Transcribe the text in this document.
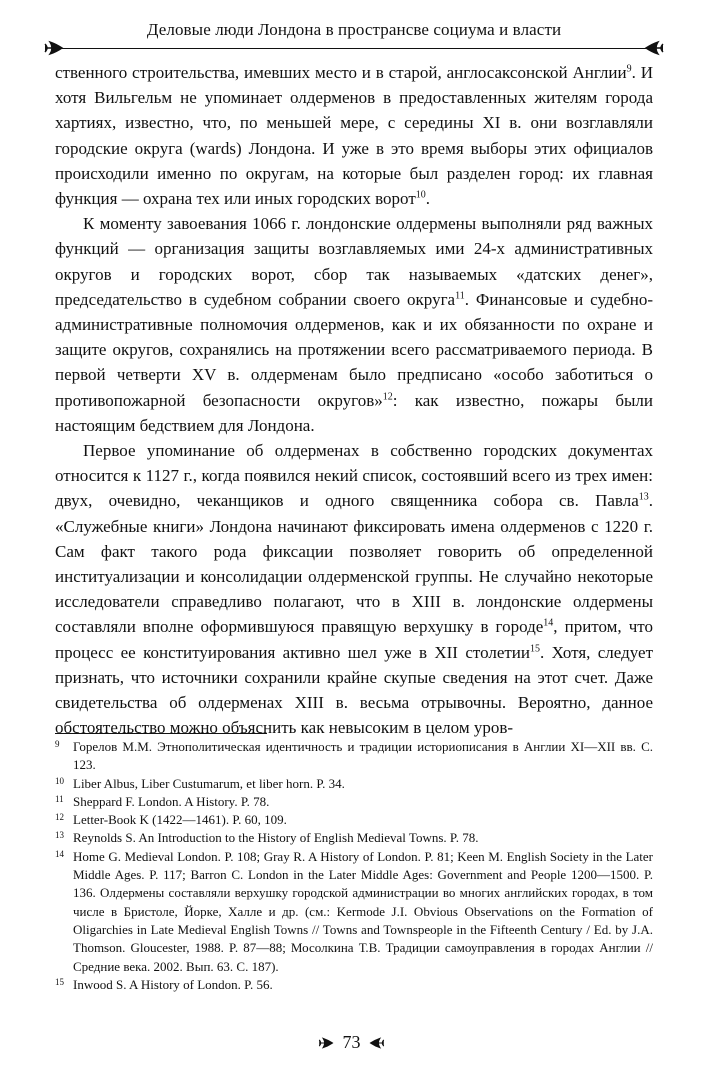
Деловые люди Лондона в пространсве социума и власти

ственного строительства, имевших место и в старой, англосаксонской Англии$^9$. И хотя Вильгельм не упоминает олдерменов в предоставленных жителям города хартиях, известно, что, по меньшей мере, с середины XI в. они возглавляли городские округа (wards) Лондона. И уже в это время выборы этих официалов происходили именно по округам, на которые был разделен город: их главная функция — охрана тех или иных городских ворот$^{10}$.

К моменту завоевания 1066 г. лондонские олдермены выполняли ряд важных функций — организация защиты возглавляемых ими 24-х административных округов и городских ворот, сбор так называемых «датских денег», председательство в судебном собрании своего округа$^{11}$. Финансовые и судебно-административные полномочия олдерменов, как и их обязанности по охране и защите округов, сохранялись на протяжении всего рассматриваемого периода. В первой четверти XV в. олдерменам было предписано «особо заботиться о противопожарной безопасности округов»$^{12}$: как известно, пожары были настоящим бедствием для Лондона.

Первое упоминание об олдерменах в собственно городских документах относится к 1127 г., когда появился некий список, состоявший всего из трех имен: двух, очевидно, чеканщиков и одного священника собора св. Павла$^{13}$. «Служебные книги» Лондона начинают фиксировать имена олдерменов с 1220 г. Сам факт такого рода фиксации позволяет говорить об определенной институализации и консолидации олдерменской группы. Не случайно некоторые исследователи справедливо полагают, что в XIII в. лондонские олдермены составляли вполне оформившуюся правящую верхушку в городе$^{14}$, притом, что процесс ее конституирования активно шел уже в XII столетии$^{15}$. Хотя, следует признать, что источники сохранили крайне скупые сведения на этот счет. Даже свидетельства об олдерменах XIII в. весьма отрывочны. Вероятно, данное обстоятельство можно объяснить как невысоким в целом уров-

9	Горелов М.М. Этнополитическая идентичность и традиции историописания в Англии XI—XII вв. С. 123.
10 Liber Albus, Liber Custumarum, et liber horn. P. 34.
11 Sheppard F. London. A History. P. 78.
12 Letter-Book K (1422—1461). P. 60, 109.
13 Reynolds S. An Introduction to the History of English Medieval Towns. P. 78.
14 Home G. Medieval London. P. 108; Gray R. A History of London. P. 81; Keen M. English Society in the Later Middle Ages. P. 117; Barron C. London in the Later Middle Ages: Government and People 1200—1500. P. 136. Олдермены составляли верхушку городской администрации во многих английских городах, в том числе в Бристоле, Йорке, Халле и др. (см.: Kermode J.I. Obvious Observations on the Formation of Oligarchies in Late Medieval English Towns // Towns and Townspeople in the Fifteenth Century / Ed. by J.A. Thomson. Gloucester, 1988. P. 87—88; Мосолкина Т.В. Традиции самоуправления в городах Англии // Средние века. 2002. Вып. 63. С. 187).
15 Inwood S. A History of London. P. 56.
73
